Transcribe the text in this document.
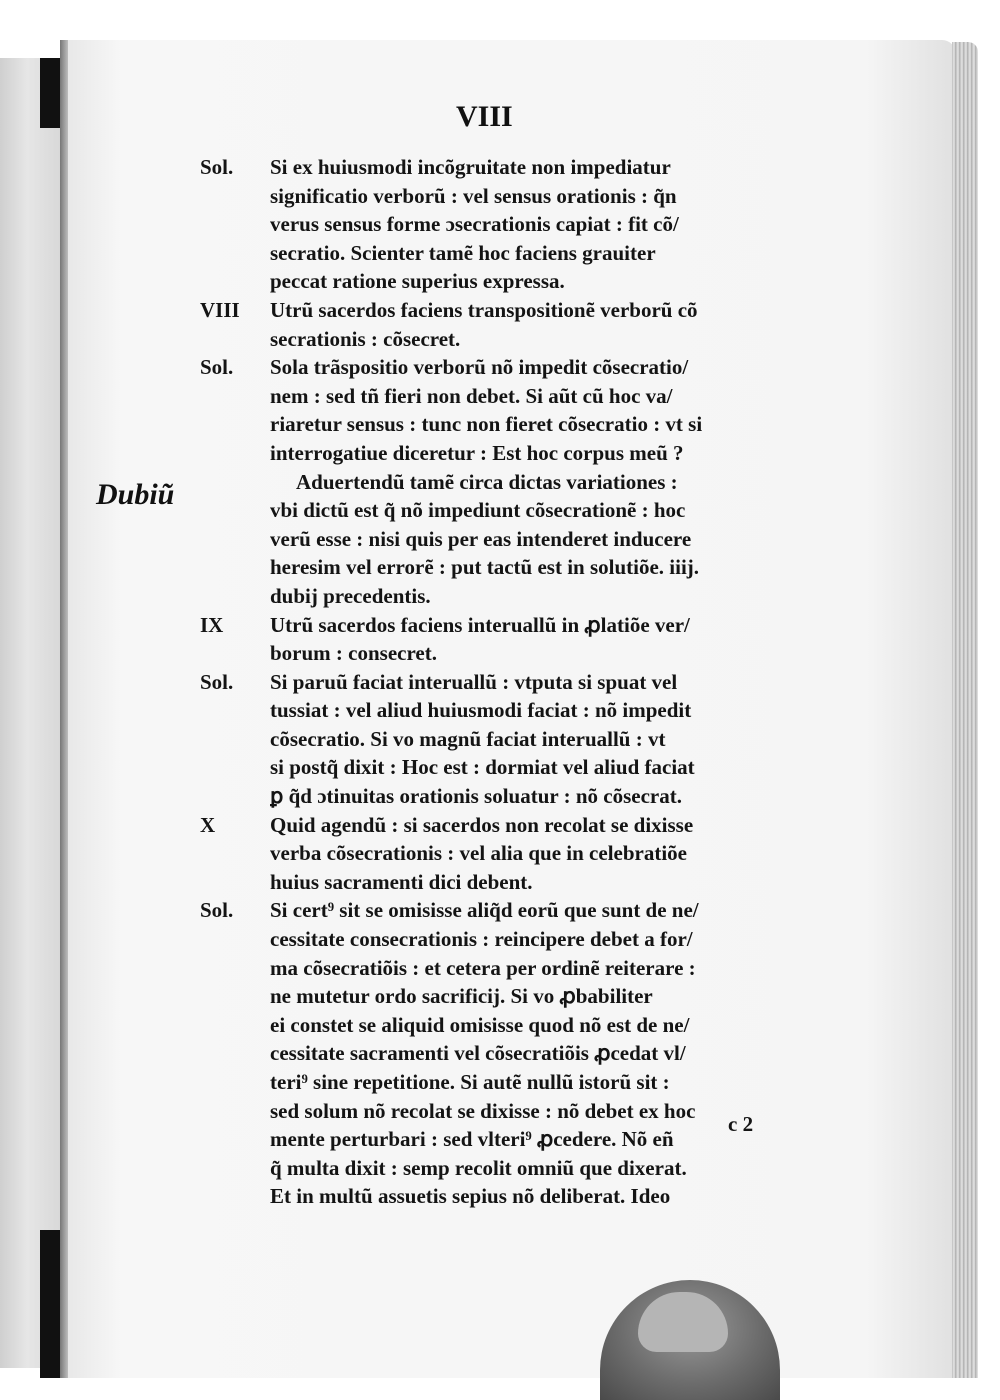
VIII
Dubiũ
Sol.	Si ex huiusmodi incõgruitate non impediatur
significatio verborũ : vel sensus orationis : q̃n
verus sensus forme ɔsecrationis capiat : fit cõ/
secratio. Scienter tamẽ hoc faciens grauiter
peccat ratione superius expressa.
VIII	Utrũ sacerdos faciens transpositionẽ verborũ cõ
secrationis : cõsecret.
Sol.	Sola trãspositio verborũ nõ impedit cõsecratio/
nem : sed tñ fieri non debet. Si aũt cũ hoc va/
riaretur sensus : tunc non fieret cõsecratio : vt si
interrogatiue diceretur : Est hoc corpus meũ ?
Aduertendũ tamẽ circa dictas variationes :
vbi dictũ est q̃ nõ impediunt cõsecrationẽ : hoc
verũ esse : nisi quis per eas intenderet inducere
heresim vel errorẽ : put tactũ est in solutiõe. iiij.
dubij precedentis.
IX	Utrũ sacerdos faciens interuallũ in ꝓlatiõe ver/
borum : consecret.
Sol.	Si paruũ faciat interuallũ : vtputa si spuat vel
tussiat : vel aliud huiusmodi faciat : nõ impedit
cõsecratio. Si vo magnũ faciat interuallũ : vt
si postq̃ dixit : Hoc est : dormiat vel aliud faciat
ꝑ q̃d ɔtinuitas orationis soluatur : nõ cõsecrat.
X	Quid agendũ : si sacerdos non recolat se dixisse
verba cõsecrationis : vel alia que in celebratiõe
huius sacramenti dici debent.
Sol.	Si cert⁹ sit se omisisse aliq̃d eorũ que sunt de ne/
cessitate consecrationis : reincipere debet a for/
ma cõsecratiõis : et cetera per ordinẽ reiterare :
ne mutetur ordo sacrificij. Si vo ꝓbabiliter
ei constet se aliquid omisisse quod nõ est de ne/
cessitate sacramenti vel cõsecratiõis ꝓcedat vl/
teri⁹ sine repetitione. Si autẽ nullũ istorũ sit :
sed solum nõ recolat se dixisse : nõ debet ex hoc
mente perturbari : sed vlteri⁹ ꝓcedere. Nõ eñ
q̃ multa dixit : semp recolit omniũ que dixerat.
Et in multũ assuetis sepius nõ deliberat. Ideo
c 2
